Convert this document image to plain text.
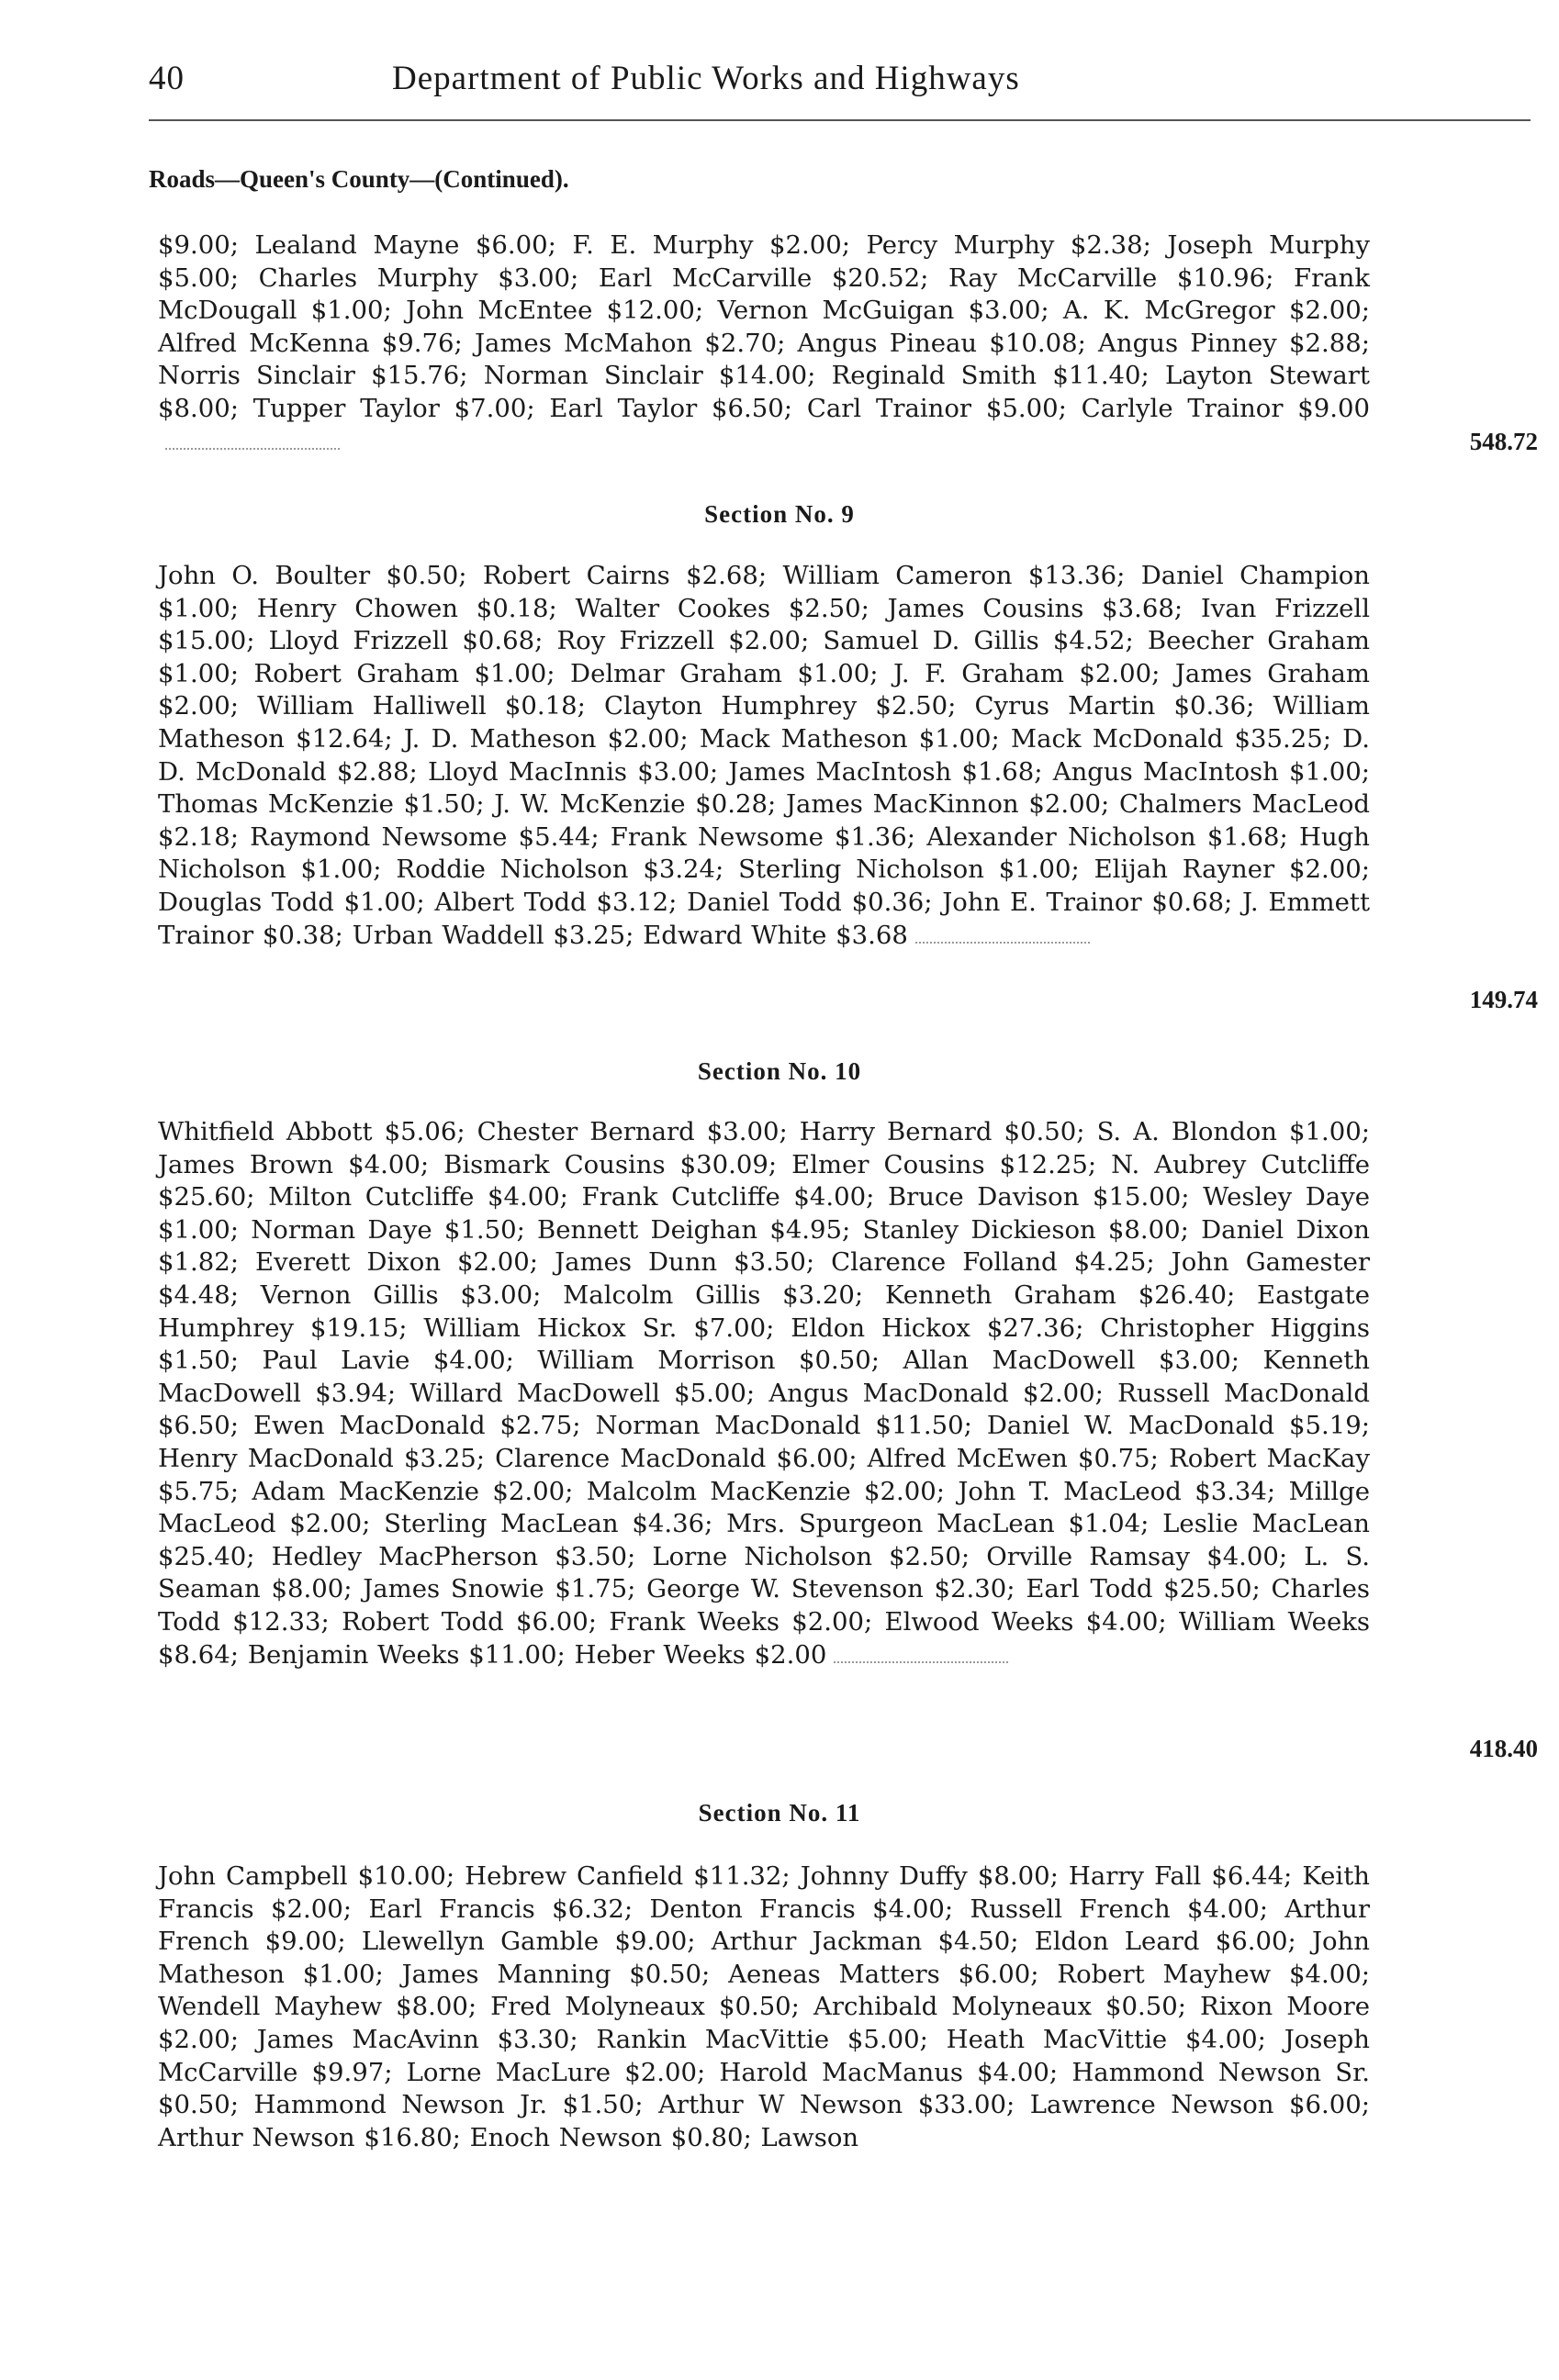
40	Department of Public Works and Highways
Roads—Queen's County—(Continued).
$9.00; Lealand Mayne $6.00; F. E. Murphy $2.00; Percy Murphy $2.38; Joseph Murphy $5.00; Charles Murphy $3.00; Earl McCarville $20.52; Ray McCarville $10.96; Frank McDougall $1.00; John McEntee $12.00; Vernon McGuigan $3.00; A. K. McGregor $2.00; Alfred McKenna $9.76; James McMahon $2.70; Angus Pineau $10.08; Angus Pinney $2.88; Norris Sinclair $15.76; Norman Sinclair $14.00; Reginald Smith $11.40; Layton Stewart $8.00; Tupper Taylor $7.00; Earl Taylor $6.50; Carl Trainor $5.00; Carlyle Trainor $9.00
548.72
Section No. 9
John O. Boulter $0.50; Robert Cairns $2.68; William Cameron $13.36; Daniel Champion $1.00; Henry Chowen $0.18; Walter Cookes $2.50; James Cousins $3.68; Ivan Frizzell $15.00; Lloyd Frizzell $0.68; Roy Frizzell $2.00; Samuel D. Gillis $4.52; Beecher Graham $1.00; Robert Graham $1.00; Delmar Graham $1.00; J. F. Graham $2.00; James Graham $2.00; William Halliwell $0.18; Clayton Humphrey $2.50; Cyrus Martin $0.36; William Matheson $12.64; J. D. Matheson $2.00; Mack Matheson $1.00; Mack McDonald $35.25; D. D. McDonald $2.88; Lloyd MacInnis $3.00; James MacIntosh $1.68; Angus MacIntosh $1.00; Thomas McKenzie $1.50; J. W. McKenzie $0.28; James MacKinnon $2.00; Chalmers MacLeod $2.18; Raymond Newsome $5.44; Frank Newsome $1.36; Alexander Nicholson $1.68; Hugh Nicholson $1.00; Roddie Nicholson $3.24; Sterling Nicholson $1.00; Elijah Rayner $2.00; Douglas Todd $1.00; Albert Todd $3.12; Daniel Todd $0.36; John E. Trainor $0.68; J. Emmett Trainor $0.38; Urban Waddell $3.25; Edward White $3.68
149.74
Section No. 10
Whitfield Abbott $5.06; Chester Bernard $3.00; Harry Bernard $0.50; S. A. Blondon $1.00; James Brown $4.00; Bismark Cousins $30.09; Elmer Cousins $12.25; N. Aubrey Cutcliffe $25.60; Milton Cutcliffe $4.00; Frank Cutcliffe $4.00; Bruce Davison $15.00; Wesley Daye $1.00; Norman Daye $1.50; Bennett Deighan $4.95; Stanley Dickieson $8.00; Daniel Dixon $1.82; Everett Dixon $2.00; James Dunn $3.50; Clarence Folland $4.25; John Gamester $4.48; Vernon Gillis $3.00; Malcolm Gillis $3.20; Kenneth Graham $26.40; Eastgate Humphrey $19.15; William Hickox Sr. $7.00; Eldon Hickox $27.36; Christopher Higgins $1.50; Paul Lavie $4.00; William Morrison $0.50; Allan MacDowell $3.00; Kenneth MacDowell $3.94; Willard MacDowell $5.00; Angus MacDonald $2.00; Russell MacDonald $6.50; Ewen MacDonald $2.75; Norman MacDonald $11.50; Daniel W. MacDonald $5.19; Henry MacDonald $3.25; Clarence MacDonald $6.00; Alfred McEwen $0.75; Robert MacKay $5.75; Adam MacKenzie $2.00; Malcolm MacKenzie $2.00; John T. MacLeod $3.34; Millge MacLeod $2.00; Sterling MacLean $4.36; Mrs. Spurgeon MacLean $1.04; Leslie MacLean $25.40; Hedley MacPherson $3.50; Lorne Nicholson $2.50; Orville Ramsay $4.00; L. S. Seaman $8.00; James Snowie $1.75; George W. Stevenson $2.30; Earl Todd $25.50; Charles Todd $12.33; Robert Todd $6.00; Frank Weeks $2.00; Elwood Weeks $4.00; William Weeks $8.64; Benjamin Weeks $11.00; Heber Weeks $2.00
418.40
Section No. 11
John Campbell $10.00; Hebrew Canfield $11.32; Johnny Duffy $8.00; Harry Fall $6.44; Keith Francis $2.00; Earl Francis $6.32; Denton Francis $4.00; Russell French $4.00; Arthur French $9.00; Llewellyn Gamble $9.00; Arthur Jackman $4.50; Eldon Leard $6.00; John Matheson $1.00; James Manning $0.50; Aeneas Matters $6.00; Robert Mayhew $4.00; Wendell Mayhew $8.00; Fred Molyneaux $0.50; Archibald Molyneaux $0.50; Rixon Moore $2.00; James MacAvinn $3.30; Rankin MacVittie $5.00; Heath MacVittie $4.00; Joseph McCarville $9.97; Lorne MacLure $2.00; Harold MacManus $4.00; Hammond Newson Sr. $0.50; Hammond Newson Jr. $1.50; Arthur W Newson $33.00; Lawrence Newson $6.00; Arthur Newson $16.80; Enoch Newson $0.80; Lawson
